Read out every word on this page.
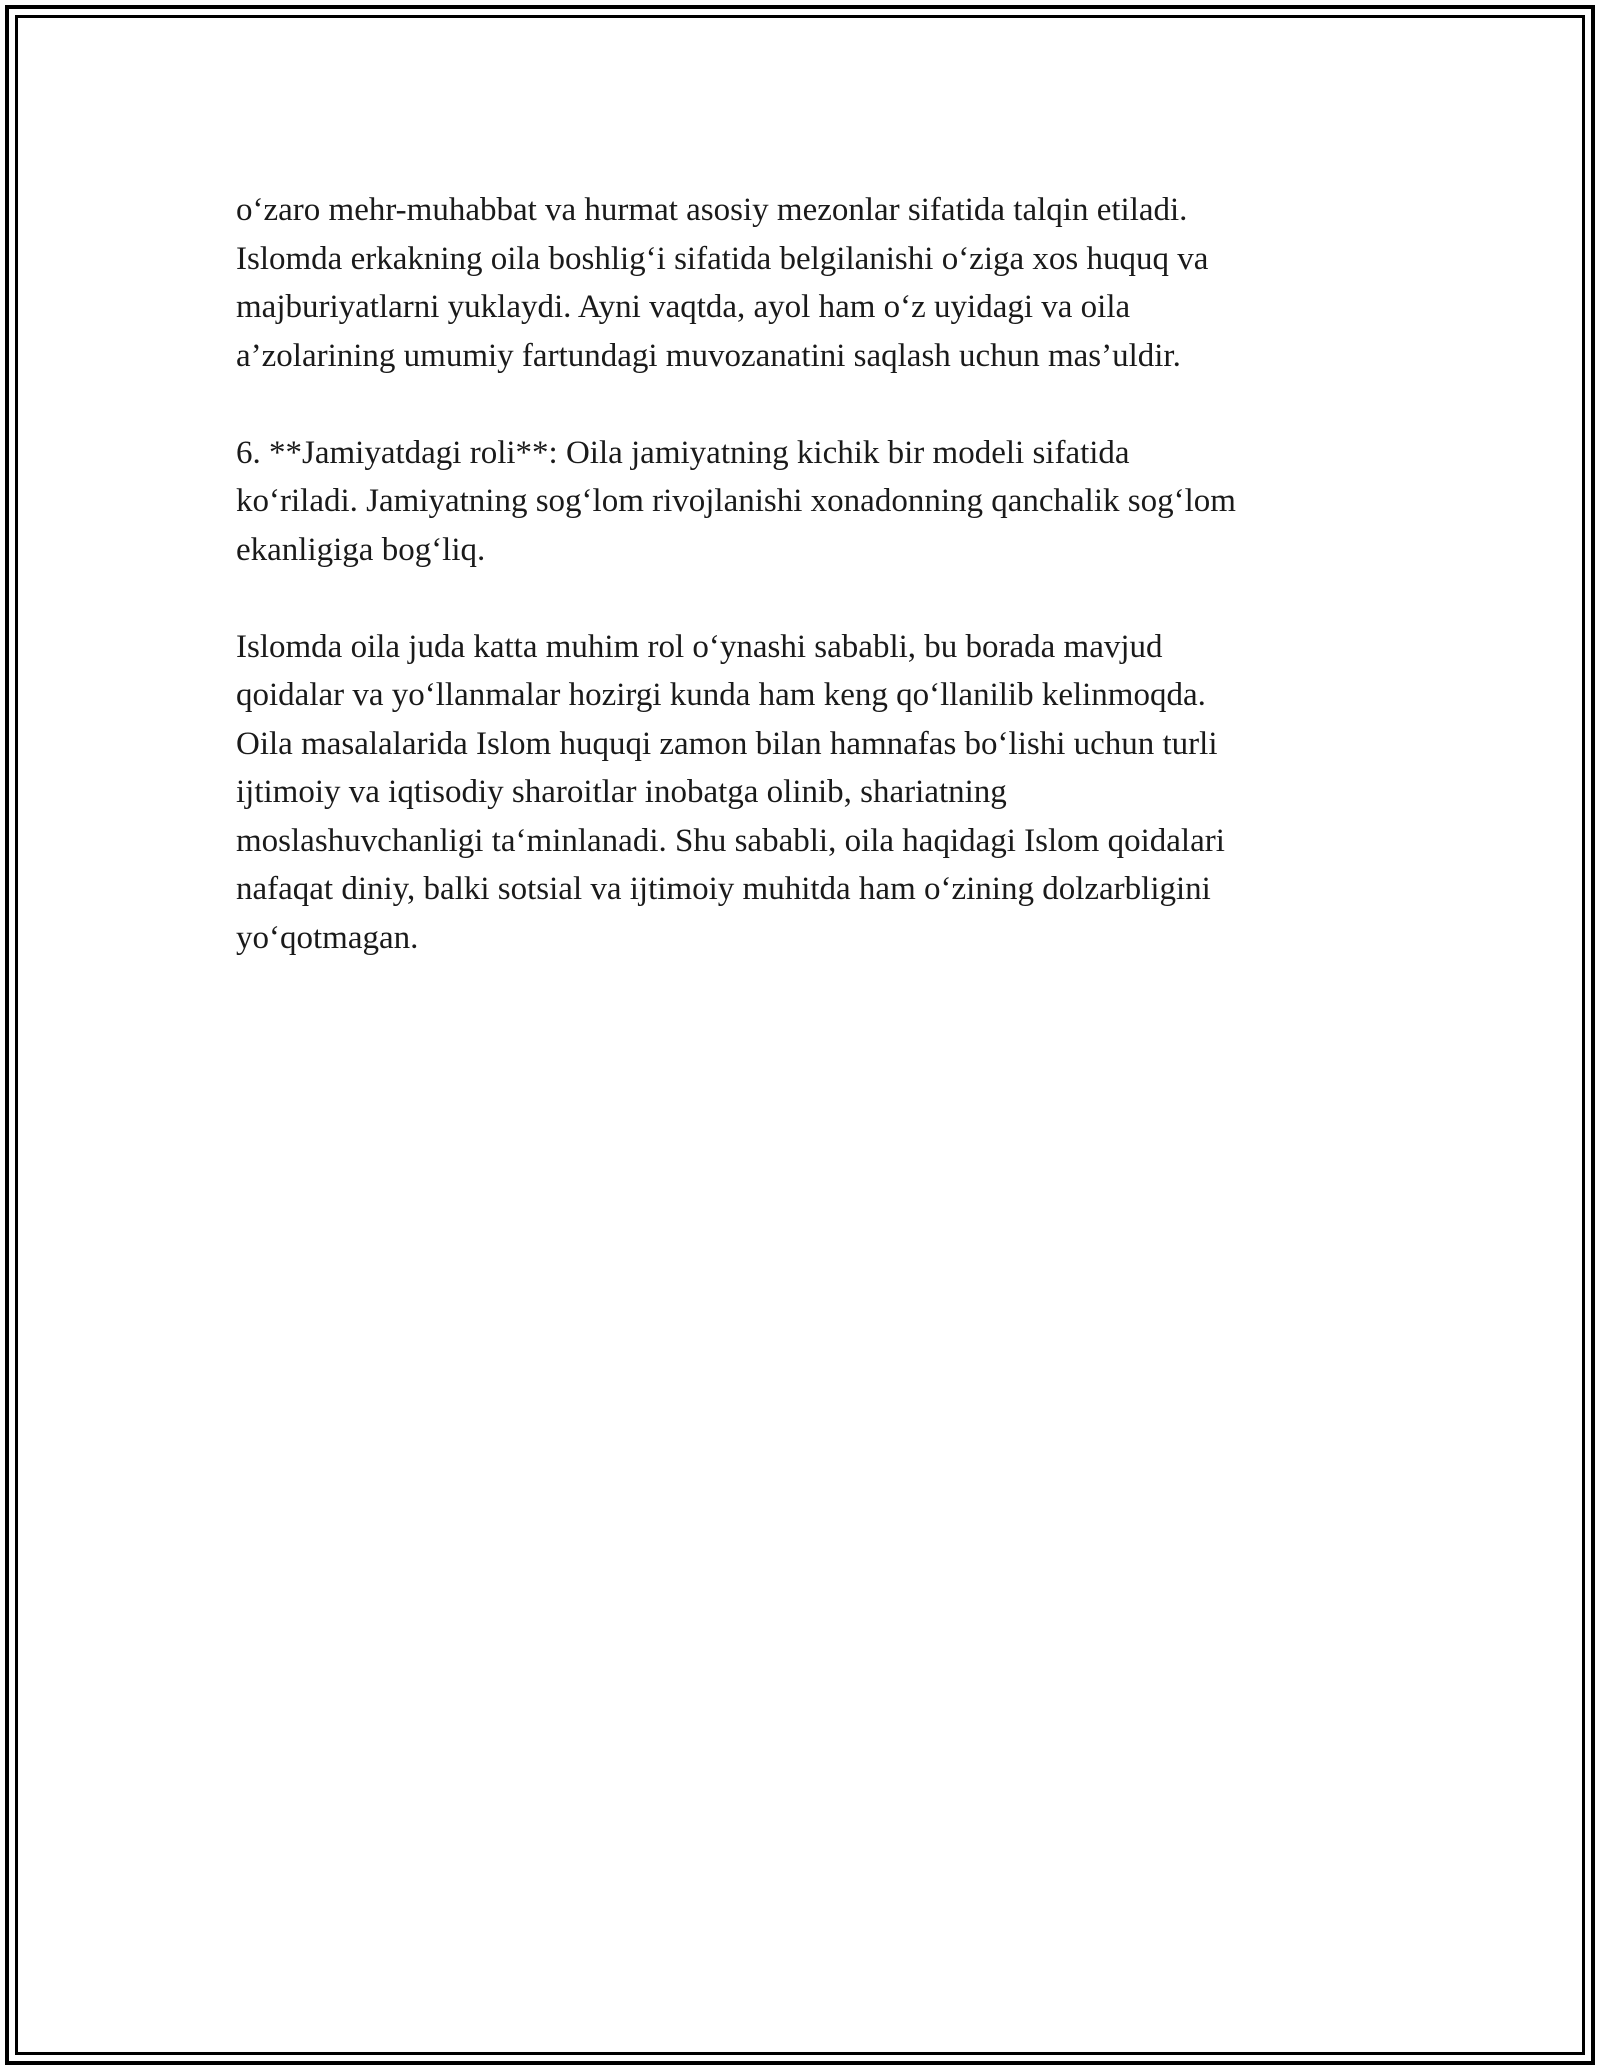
o‘zaro mehr-muhabbat va hurmat asosiy mezonlar sifatida talqin etiladi.
Islomda erkakning oila boshlig‘i sifatida belgilanishi o‘ziga xos huquq va
majburiyatlarni yuklaydi. Ayni vaqtda, ayol ham o‘z uyidagi va oila
a’zolarining umumiy fartundagi muvozanatini saqlash uchun mas’uldir.

6. **Jamiyatdagi roli**: Oila jamiyatning kichik bir modeli sifatida
ko‘riladi. Jamiyatning sog‘lom rivojlanishi xonadonning qanchalik sog‘lom
ekanligiga bog‘liq.

Islomda oila juda katta muhim rol o‘ynashi sababli, bu borada mavjud
qoidalar va yo‘llanmalar hozirgi kunda ham keng qo‘llanilib kelinmoqda.
Oila masalalarida Islom huquqi zamon bilan hamnafas bo‘lishi uchun turli
ijtimoiy va iqtisodiy sharoitlar inobatga olinib, shariatning
moslashuvchanligi ta‘minlanadi. Shu sababli, oila haqidagi Islom qoidalari
nafaqat diniy, balki sotsial va ijtimoiy muhitda ham o‘zining dolzarbligini
yo‘qotmagan.
